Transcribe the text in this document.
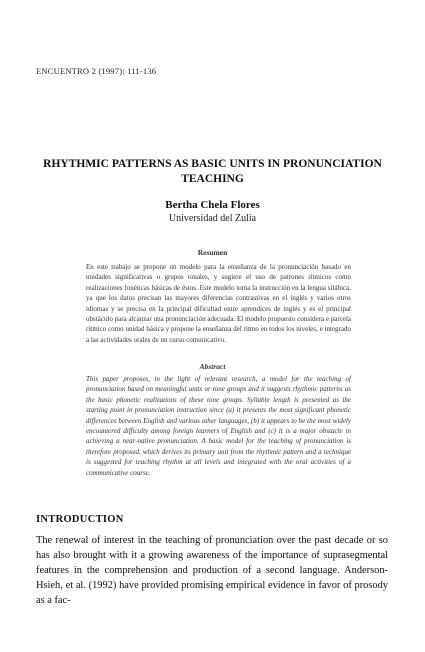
ENCUENTRO 2 (1997): 111-136
RHYTHMIC PATTERNS AS BASIC UNITS IN PRONUNCIATION TEACHING
Bertha Chela Flores
Universidad del Zulia
Resumen

En este trabajo se propone un modelo para la enseñanza de la pronunciación basado en unidades significativas o grupos tonales, y sugiere el uso de patrones rítmicos como realizaciones fonéticas básicas de éstos. Este modelo toma la instrucción en la lengua silábica, ya que los datos precisan las mayores diferencias contrastivas en el inglés y varios otros idiomas y se precisa en la principal dificultad entre aprendices de inglés y es el principal obstáculo para alcanzar una pronunciación adecuada. El modelo propuesto considera e parcela rítmico como unidad básica y propone la enseñanza del ritmo en todos los niveles, e integrado a las actividades orales de un curso comunicativo.

Abstract

This paper proposes, in the light of relevant research, a model for the teaching of pronunciation based on meaningful units or tone groups and it suggests rhythmic patterns as the basic phonetic realizations of these tone groups. Syllable length is presented as the starting point in pronunciation instruction since (a) it presents the most significant phonetic differences between English and various other languages, (b) it appears to be the most widely encountered difficulty among foreign learners of English and (c) it is a major obstacle in achieving a near-native pronunciation. A basic model for the teaching of pronunciation is therefore proposed, which derives its primary unit from the rhythmic pattern and a technique is suggested for teaching rhythm at all levels and integrated with the oral activities of a communicative course.

INTRODUCTION

The renewal of interest in the teaching of pronunciation over the past decade or so has also brought with it a growing awareness of the importance of suprasegmental features in the comprehension and production of a second language. Anderson-Hsieh, et al. (1992) have provided promising empirical evidence in favor of prosody as a fac-
